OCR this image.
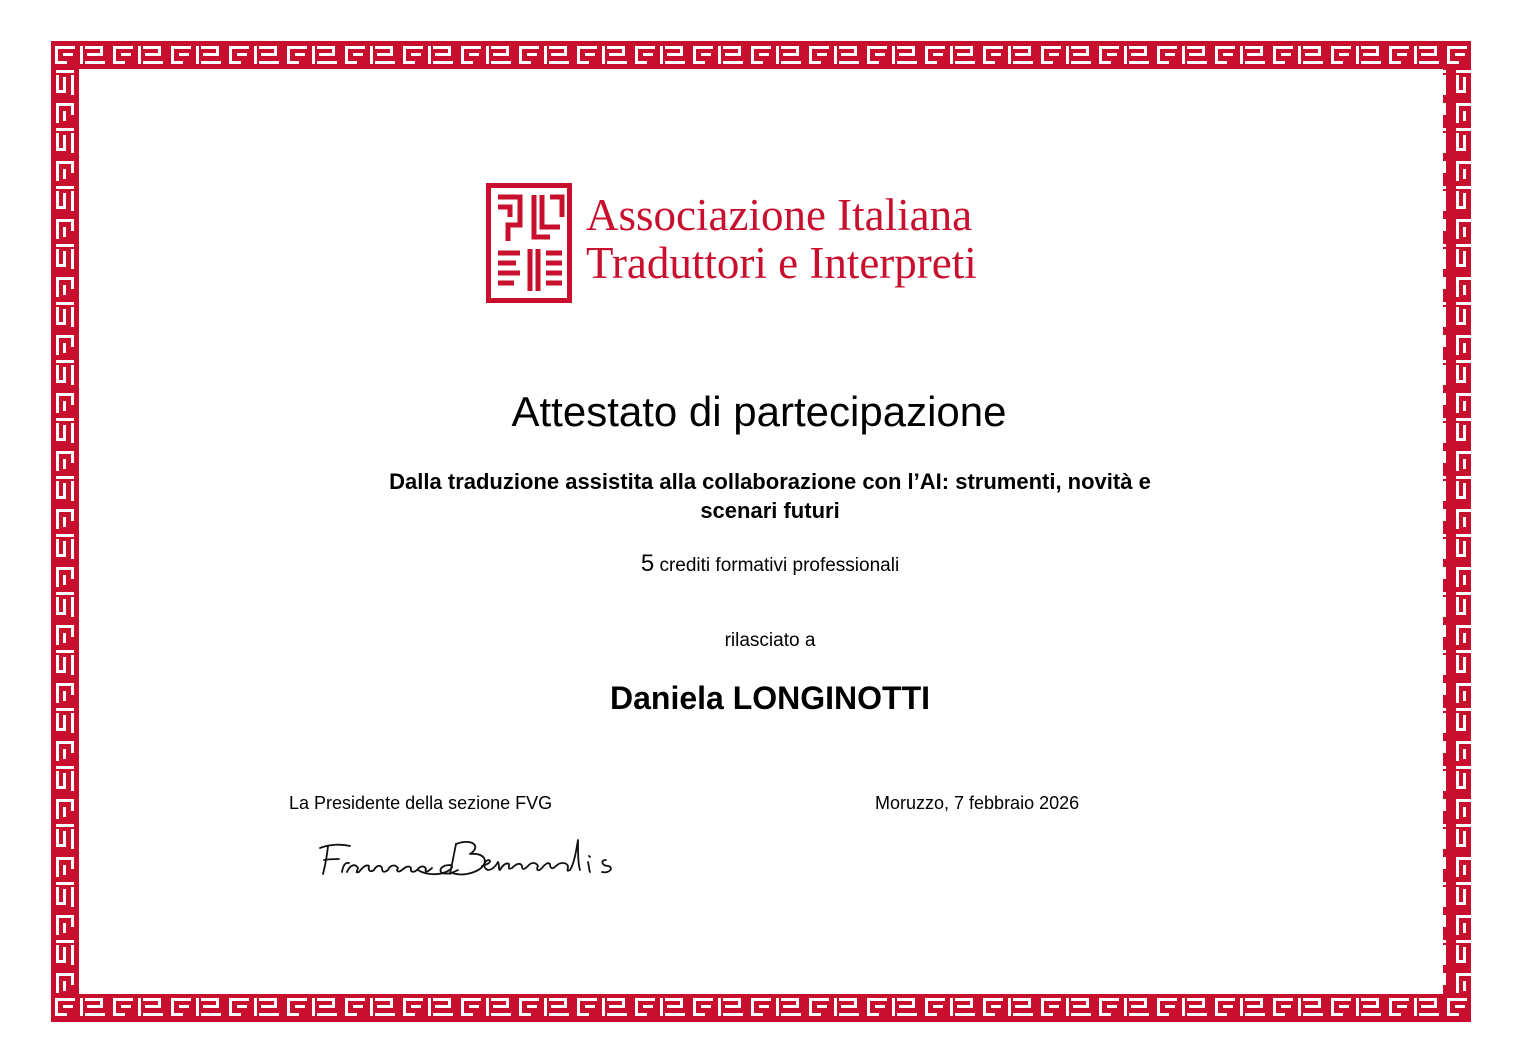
Associazione Italiana
Traduttori e Interpreti
Attestato di partecipazione
Dalla traduzione assistita alla collaborazione con l’AI: strumenti, novità e
scenari futuri
5 crediti formativi professionali
rilasciato a
Daniela LONGINOTTI
La Presidente della sezione FVG	Moruzzo, 7 febbraio 2026
